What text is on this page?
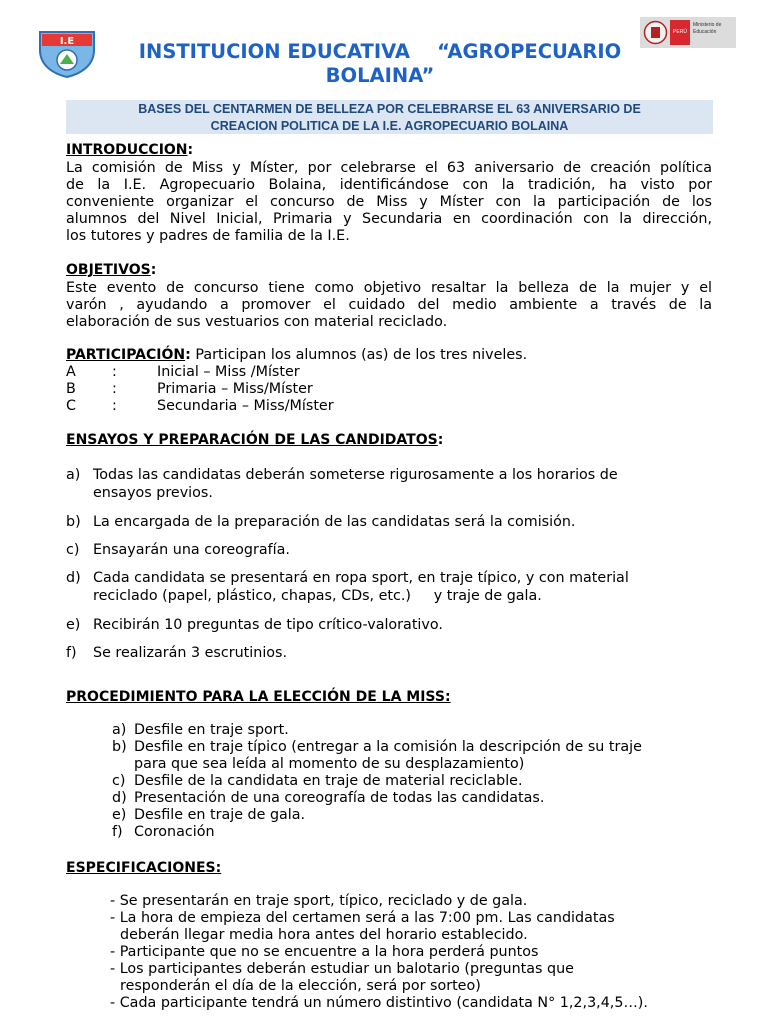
I.E
PERÚ
Ministerio de Educación
INSTITUCION EDUCATIVA    “AGROPECUARIO
BOLAINA”
BASES DEL CENTARMEN DE BELLEZA POR CELEBRARSE EL 63 ANIVERSARIO DE
CREACION POLITICA DE LA I.E. AGROPECUARIO BOLAINA
INTRODUCCION:
La comisión de Miss y Míster, por celebrarse el 63 aniversario de creación política
de la I.E. Agropecuario Bolaina, identificándose con la tradición, ha visto por
conveniente organizar el concurso de Miss y Míster con la participación de los
alumnos del Nivel Inicial, Primaria y Secundaria en coordinación con la dirección,
los tutores y padres de familia de la I.E.
OBJETIVOS:
Este evento de concurso tiene como objetivo resaltar la belleza de la mujer y el
varón , ayudando a promover el cuidado del medio ambiente a través de la
elaboración de sus vestuarios con material reciclado.
PARTICIPACIÓN: Participan los alumnos (as) de los tres niveles.
A	:	Inicial – Miss /Míster
B	:	Primaria – Miss/Míster
C	:	Secundaria – Miss/Míster
ENSAYOS Y PREPARACIÓN DE LAS CANDIDATOS:
a) Todas las candidatas deberán someterse rigurosamente a los horarios de
ensayos previos.
b) La encargada de la preparación de las candidatas será la comisión.
c) Ensayarán una coreografía.
d) Cada candidata se presentará en ropa sport, en traje típico, y con material
reciclado (papel, plástico, chapas, CDs, etc.)     y traje de gala.
e) Recibirán 10 preguntas de tipo crítico-valorativo.
f) Se realizarán 3 escrutinios.
PROCEDIMIENTO PARA LA ELECCIÓN DE LA MISS:
a) Desfile en traje sport.
b) Desfile en traje típico (entregar a la comisión la descripción de su traje
para que sea leída al momento de su desplazamiento)
c) Desfile de la candidata en traje de material reciclable.
d) Presentación de una coreografía de todas las candidatas.
e) Desfile en traje de gala.
f) Coronación
ESPECIFICACIONES:
- Se presentarán en traje sport, típico, reciclado y de gala.
- La hora de empieza del certamen será a las 7:00 pm. Las candidatas
deberán llegar media hora antes del horario establecido.
- Participante que no se encuentre a la hora perderá puntos
- Los participantes deberán estudiar un balotario (preguntas que
responderán el día de la elección, será por sorteo)
- Cada participante tendrá un número distintivo (candidata N° 1,2,3,4,5…).
